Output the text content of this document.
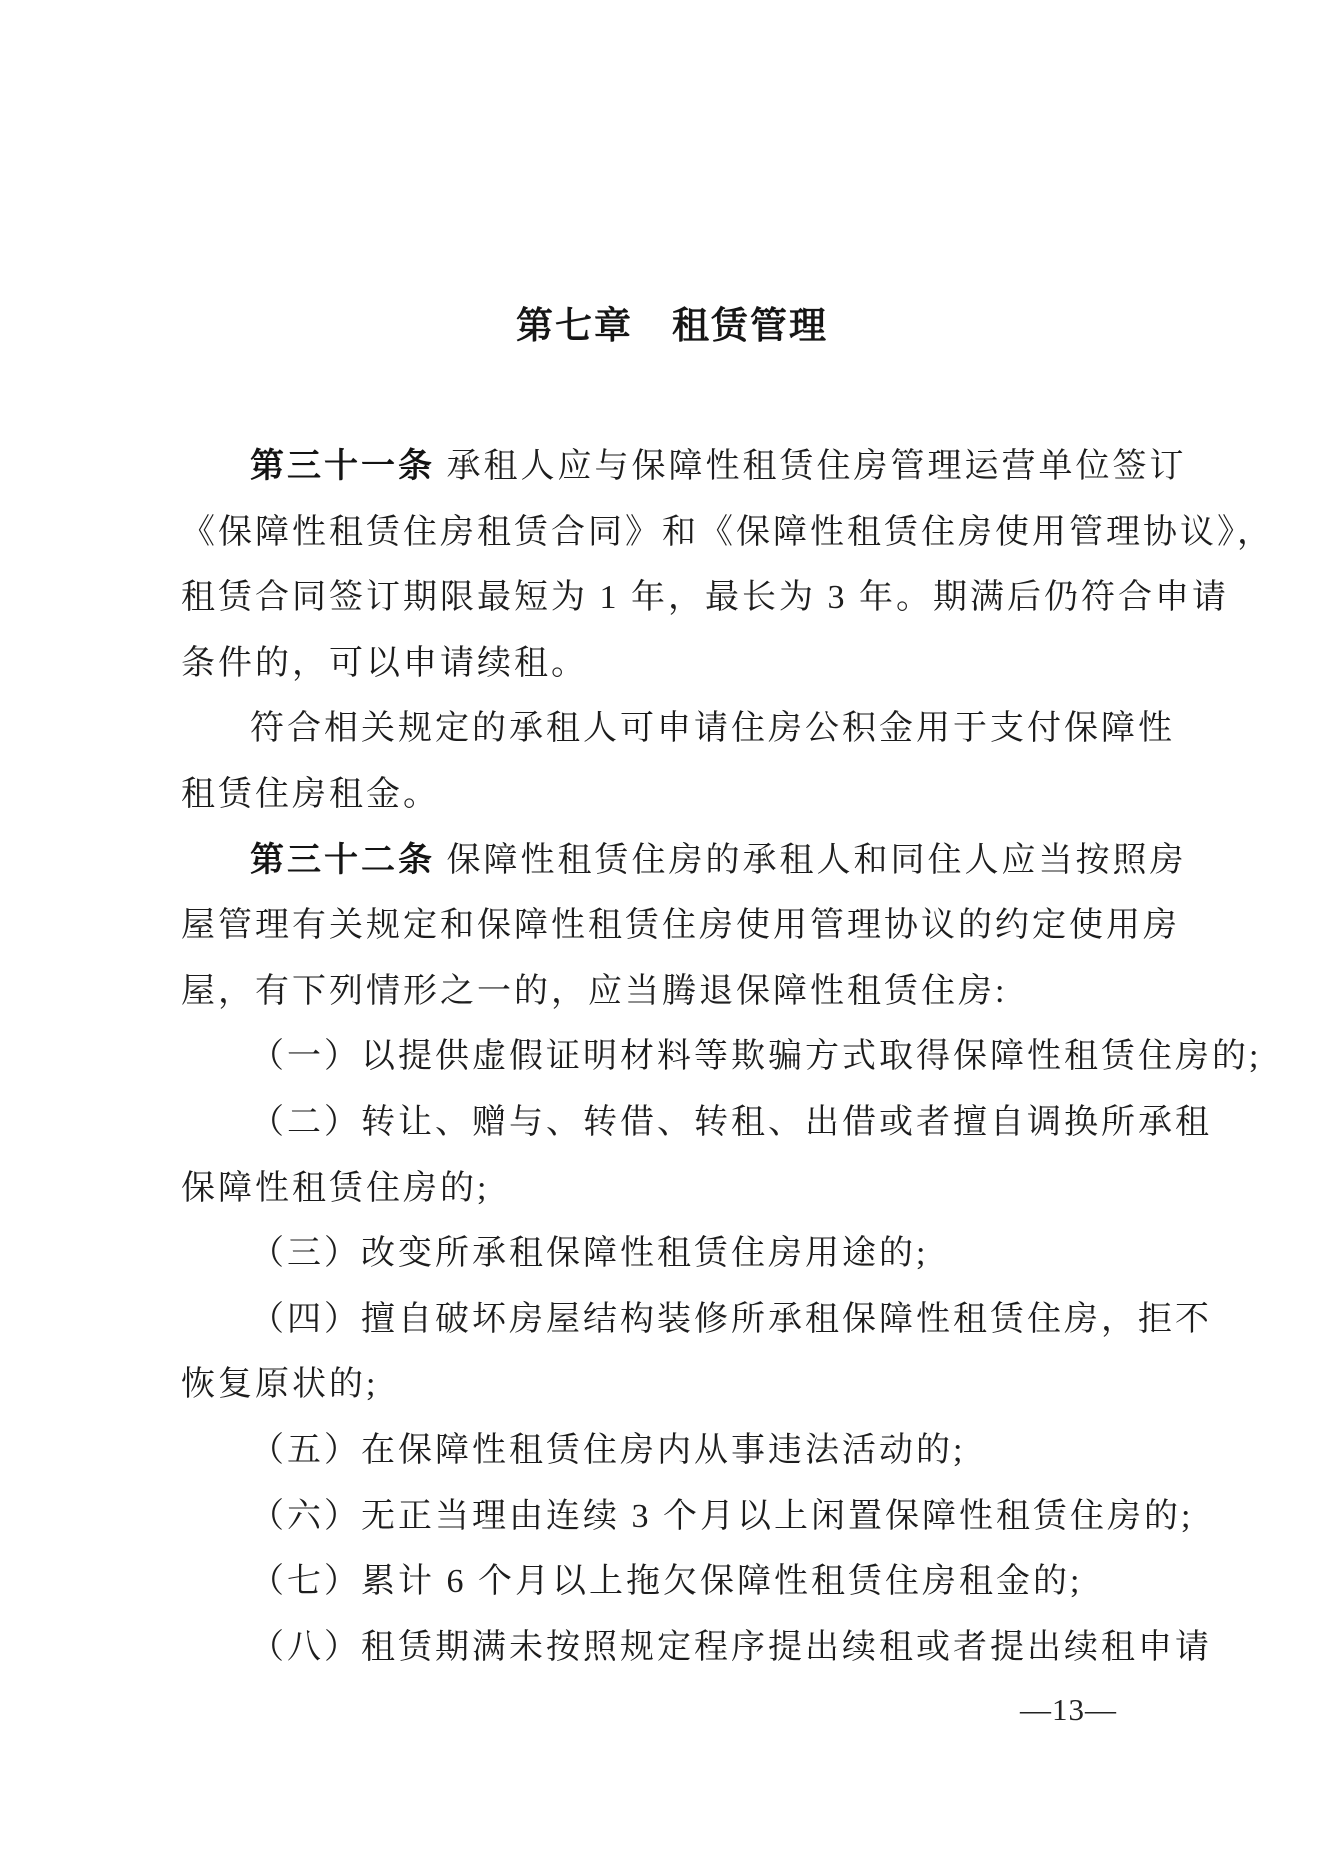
第七章　租赁管理
第三十一条 承租人应与保障性租赁住房管理运营单位签订
《保障性租赁住房租赁合同》和《保障性租赁住房使用管理协议》，
租赁合同签订期限最短为 1 年，最长为 3 年。期满后仍符合申请
条件的，可以申请续租。
符合相关规定的承租人可申请住房公积金用于支付保障性
租赁住房租金。
第三十二条 保障性租赁住房的承租人和同住人应当按照房
屋管理有关规定和保障性租赁住房使用管理协议的约定使用房
屋，有下列情形之一的，应当腾退保障性租赁住房:
（一）以提供虚假证明材料等欺骗方式取得保障性租赁住房的;
（二）转让、赠与、转借、转租、出借或者擅自调换所承租
保障性租赁住房的;
（三）改变所承租保障性租赁住房用途的;
（四）擅自破坏房屋结构装修所承租保障性租赁住房，拒不
恢复原状的;
（五）在保障性租赁住房内从事违法活动的;
（六）无正当理由连续 3 个月以上闲置保障性租赁住房的;
（七）累计 6 个月以上拖欠保障性租赁住房租金的;
（八）租赁期满未按照规定程序提出续租或者提出续租申请
—13—
